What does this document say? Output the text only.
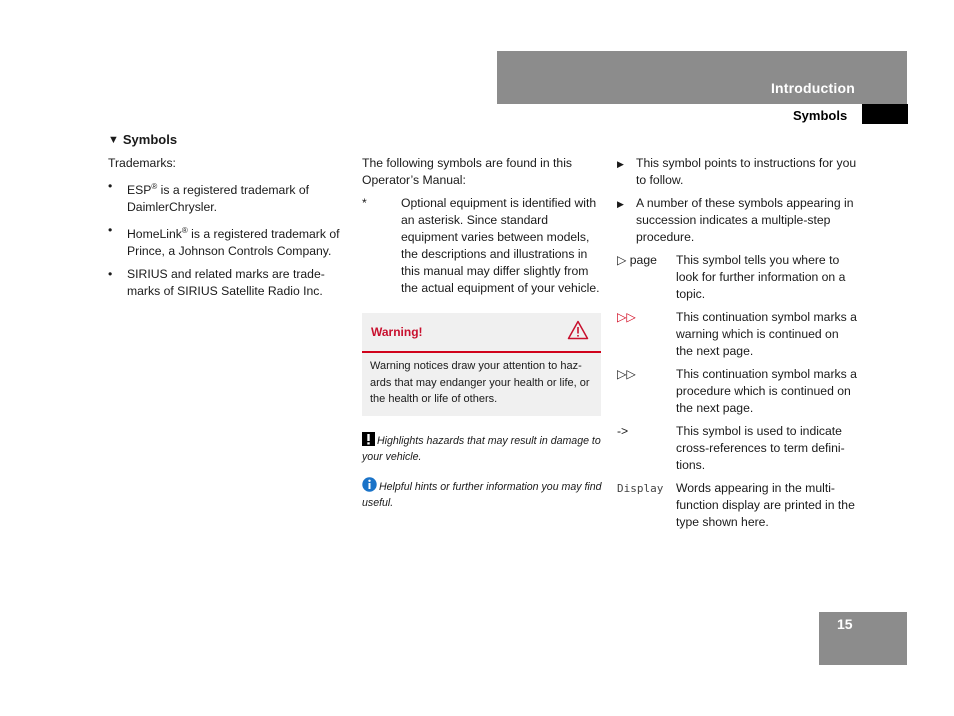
Introduction
Symbols
▼ Symbols
Trademarks:
• ESP® is a registered trademark of DaimlerChrysler.
• HomeLink® is a registered trademark of Prince, a Johnson Controls Company.
• SIRIUS and related marks are trade-marks of SIRIUS Satellite Radio Inc.
The following symbols are found in this Operator’s Manual:
*	Optional equipment is identified with an asterisk. Since standard equipment varies between models, the descriptions and illustrations in this manual may differ slightly from the actual equipment of your vehicle.
Warning!
Warning notices draw your attention to haz-ards that may endanger your health or life, or the health or life of others.
Highlights hazards that may result in damage to your vehicle.
Helpful hints or further information you may find useful.
▶ This symbol points to instructions for you to follow.
▶ A number of these symbols appearing in succession indicates a multiple-step procedure.
▷ page	This symbol tells you where to look for further information on a topic.
▷▷	This continuation symbol marks a warning which is continued on the next page.
▷▷	This continuation symbol marks a procedure which is continued on the next page.
->	This symbol is used to indicate cross-references to term defini-tions.
Display	Words appearing in the multi-function display are printed in the type shown here.
15
